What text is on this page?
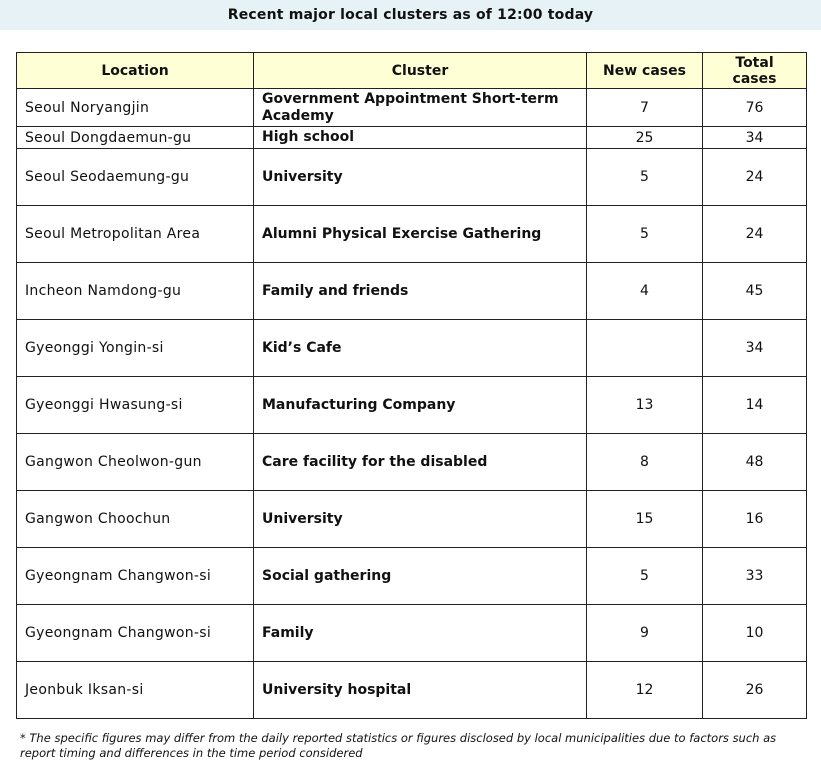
Recent major local clusters as of 12:00 today
Location	Cluster	New cases	Total cases
Seoul Noryangjin	Government Appointment Short-term Academy	7	76
Seoul Dongdaemun-gu	High school	25	34
Seoul Seodaemung-gu	University	5	24
Seoul Metropolitan Area	Alumni Physical Exercise Gathering	5	24
Incheon Namdong-gu	Family and friends	4	45
Gyeonggi Yongin-si	Kid’s Cafe		34
Gyeonggi Hwasung-si	Manufacturing Company	13	14
Gangwon Cheolwon-gun	Care facility for the disabled	8	48
Gangwon Choochun	University	15	16
Gyeongnam Changwon-si	Social gathering	5	33
Gyeongnam Changwon-si	Family	9	10
Jeonbuk Iksan-si	University hospital	12	26
* The specific figures may differ from the daily reported statistics or figures disclosed by local municipalities due to factors such as report timing and differences in the time period considered
